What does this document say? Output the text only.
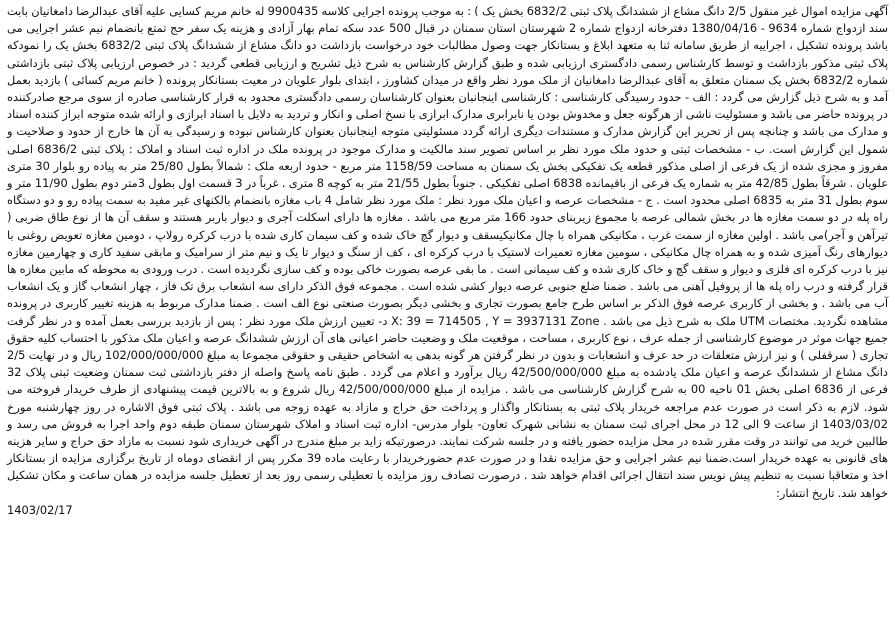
آگهی مزایده اموال غیر منقول 2/5 دانگ مشاع از ششدانگ پلاک ثبتی 6832/2 بخش یک ) : به موجب پرونده اجرایی کلاسه 9900435 له خانم مریم کسایی علیه آقای عبدالرضا دامغانیان بابت سند ازدواج شماره 9634 - 1380/04/16 دفترخانه ازدواج شماره 2 شهرستان استان سمنان در قبال 500 عدد سکه تمام بهار آزادی و هزینه یک سفر حج تمتع بانضمام نیم عشر اجرایی می باشد پرونده تشکیل ، اجراییه از طریق سامانه ثنا به متعهد ابلاغ و بستانکار جهت وصول مطالبات خود درخواست بازداشت دو دانگ مشاع از ششدانگ پلاک ثبتی 6832/2 بخش یک را نمودکه پلاک ثبتی مذکور بازداشت و توسط کارشناس رسمی دادگستری ارزیابی شده و طبق گزارش کارشناس به شرح ذیل تشریح و ارزیابی قطعی گردید : در خصوص ارزیابی پلاک ثبتی بازداشتی شماره 6832/2 بخش یک سمنان متعلق به آقای عبدالرضا دامغانیان از ملک مورد نظر واقع در میدان کشاورز ، ابتدای بلوار علویان در معیت بستانکار پرونده ( خانم مریم کسائی ) بازدید بعمل آمد و به شرح ذیل گزارش می گردد : الف - حدود رسیدگی کارشناسی : کارشناسی اینجانبان بعنوان کارشناسان رسمی دادگستری محدود به قرار کارشناسی صادره از سوی مرجع صادرکننده در پرونده حاضر می باشد و مسئولیت ناشی از هرگونه جعل و مخدوش بودن یا نابرابری مدارک ابرازی با نسخ اصلی و انکار و تردید به دلایل با اسناد ابرازی و ارائه شده متوجه ابراز کننده اسناد و مدارک می باشد و چنانچه پس از تحریر این گزارش مدارک و مستندات دیگری ارائه گردد مسئولیتی متوجه اینجانبان بعنوان کارشناس نبوده و رسیدگی به آن ها خارج از حدود و صلاحیت و شمول این گزارش است. ب - مشخصات ثبتی و حدود ملک مورد نظر بر اساس تصویر سند مالکیت و مدارک موجود در پرونده ملک در اداره ثبت اسناد و املاک : پلاک ثبتی 6836/2 اصلی مفروز و مجزی شده از یک فرعی از اصلی مذکور قطعه یک تفکیکی بخش یک سمنان به مساحت 1158/59 متر مربع - حدود اربعه ملک : شمالاً بطول 25/80 متر به پیاده رو بلوار 30 متری علویان . شرقاً بطول 42/85 متر به شماره یک فرعی از باقیمانده 6838 اصلی تفکیکی . جنوباً بطول 21/55 متر به کوچه 8 متری . غرباً در 3 قسمت اول بطول 3متر دوم بطول 11/90 متر و سوم بطول 31 متر به 6835 اصلی محدود است . ج - مشخصات عرصه و اعیان ملک مورد نظر : ملک مورد نظر شامل 4 باب مغازه بانضمام بالکنهای غیر مفید به سمت پیاده رو و دو دستگاه راه پله در دو سمت مغازه ها در بخش شمالی عرصه با مجموع زیربنای حدود 166 متر مربع می باشد . مغازه ها دارای اسکلت آجری و دیوار باربر هستند و سقف آن ها از نوع طاق ضربی ( تیرآهن و آجر)می باشد . اولین مغازه از سمت غرب ، مکانیکی همراه با چال مکانیکیسقف و دیوار گچ خاک شده و کف سیمان کاری شده با درب کرکره رولاپ ، دومین مغازه تعویض روغنی با دیوارهای رنگ آمیزی شده و به همراه چال مکانیکی ، سومین مغازه تعمیرات لاستیک با درب کرکره ای ، کف از سنگ و دیوار تا یک و نیم متر از سرامیک و مابقی سفید کاری و چهارمین مغازه نیز با درب کرکره ای فلزی و دیوار و سقف گچ و خاک کاری شده و کف سیمانی است . ما بقی عرصه بصورت خاکی بوده و کف سازی نگردیده است . درب ورودی به محوطه که مابین مغازه ها قرار گرفته و درب راه پله ها از پروفیل آهنی می باشد . ضمنا ضلع جنوبی عرصه دیوار کشی شده است . مجموعه فوق الذکر دارای سه انشعاب برق تک فاز ، چهار انشعاب گاز و یک انشعاب آب می باشد . و بخشی از کاربری عرصه فوق الذکر بر اساس طرح جامع بصورت تجاری و بخشی دیگر بصورت صنعتی نوع الف است . ضمنا مدارک مربوط به هزینه تغییر کاربری در پرونده مشاهده نگردید. مختصات UTM ملک به شرح ذیل می باشد . X: 39 = 714505 , Y = 3937131 Zone د- تعیین ارزش ملک مورد نظر : پس از بازدید بررسی بعمل آمده و در نظر گرفت جمیع جهات موثر در موضوع کارشناسی از جمله عرف ، نوع کاربری ، مساحت ، موقعیت ملک و وضعیت حاضر اعیانی های آن ارزش ششدانگ عرصه و اعیان ملک مذکور با احتساب کلیه حقوق تجاری ( سرقفلی ) و نیز ارزش متعلقات در حد عرف و انشعابات و بدون در نظر گرفتن هر گونه بدهی به اشخاص حقیقی و حقوقی مجموعا به مبلغ 102/000/000/000 ریال و در نهایت 2/5 دانگ مشاع از ششدانگ عرصه و اعیان ملک یادشده به مبلغ 42/500/000/000 ریال برآورد و اعلام می گردد . طبق نامه پاسخ واصله از دفتر بازداشتی ثبت سمنان وضعیت ثبتی پلاک 32 فرعی از 6836 اصلی بخش 01 ناحیه 00 به شرح گزارش کارشناسی می باشد . مزایده از مبلغ 42/500/000/000 ریال شروع و به بالاترین قیمت پیشنهادی از طرف خریدار فروخته می شود. لازم به ذکر است در صورت عدم مراجعه خریدار پلاک ثبتی به بستانکار واگذار و پرداخت حق حراج و مازاد به عهده زوجه می باشد . پلاک ثبتی فوق الاشاره در روز چهارشنبه مورخ 1403/03/02 از ساعت 9 الی 12 در محل اجرای ثبت سمنان به نشانی شهرک تعاون- بلوار مدرس- اداره ثبت اسناد و املاک شهرستان سمنان طبقه دوم واحد اجرا به فروش می رسد و طالبین خرید می توانند در وقت مقرر شده در محل مزایده حضور یافته و در جلسه شرکت نمایند. درصورتیکه زاید بر مبلغ مندرج در آگهی خریداری شود نسبت به مازاد حق حراج و سایر هزینه های قانونی به عهده خریدار است.ضمنا نیم عشر اجرایی و حق مزایده نقدا و در صورت عدم حضورخریدار با رعایت ماده 39 مکرر پس از انقضای دوماه از تاریخ برگزاری مزایده از بستانکار اخذ و متعاقبا نسبت به تنظیم پیش نویس سند انتقال اجرائی اقدام خواهد شد . درصورت تصادف روز مزایده با تعطیلی رسمی روز بعد از تعطیل جلسه مزایده در همان ساعت و مکان تشکیل خواهد شد. تاریخ انتشار:

1403/02/17
